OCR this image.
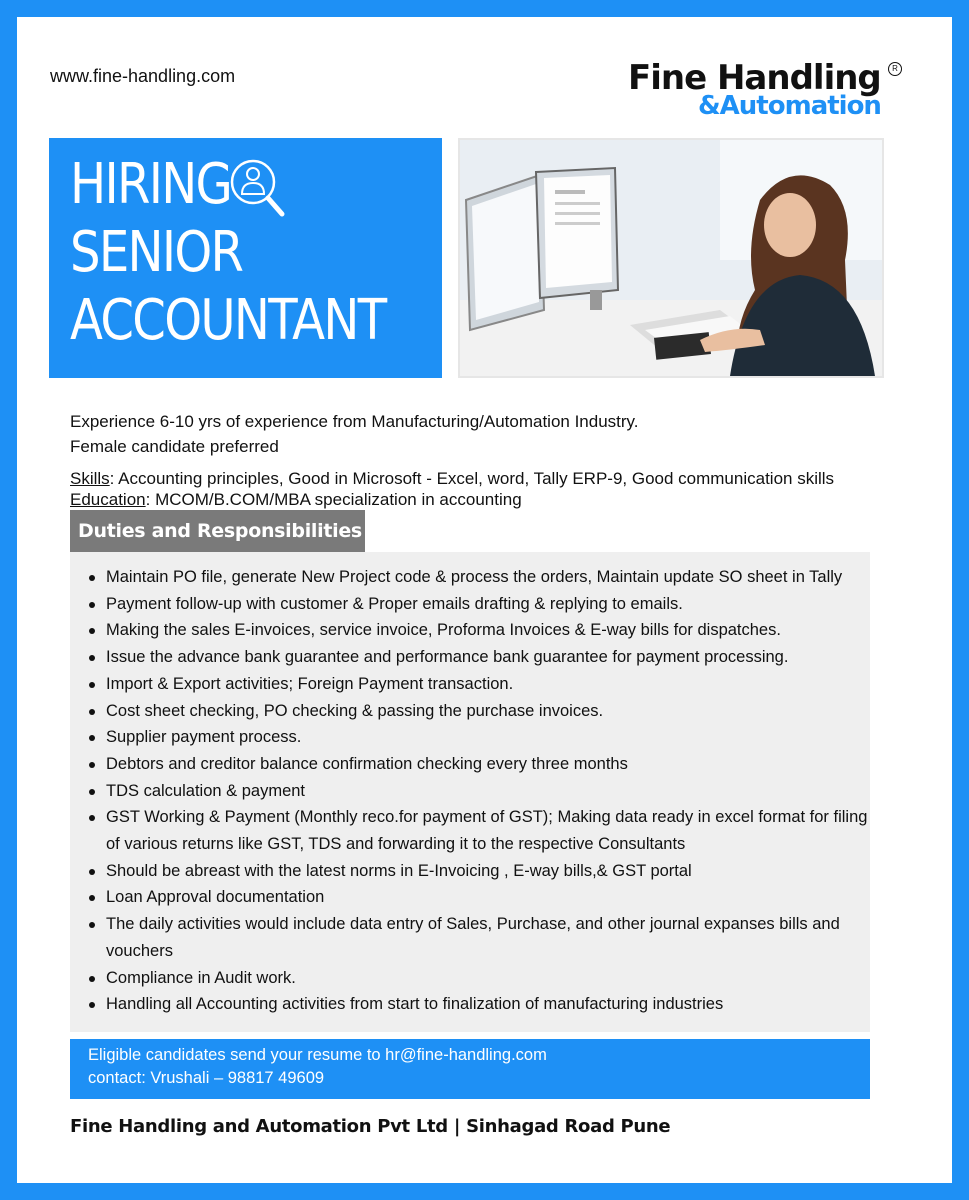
www.fine-handling.com	Fine Handling	R
&Automation
HIRING
SENIOR
ACCOUNTANT
Experience 6-10 yrs of experience from Manufacturing/Automation Industry.
Female candidate preferred
Skills: Accounting principles, Good in Microsoft - Excel, word, Tally ERP-9, Good communication skills
Education: MCOM/B.COM/MBA specialization in accounting
Duties and Responsibilities
Maintain PO file, generate New Project code & process the orders, Maintain update SO sheet in Tally
Payment follow-up with customer & Proper emails drafting & replying to emails.
Making the sales E-invoices, service invoice, Proforma Invoices & E-way bills for dispatches.
Issue the advance bank guarantee and performance bank guarantee for payment processing.
Import & Export activities; Foreign Payment transaction.
Cost sheet checking, PO checking & passing the purchase invoices.
Supplier payment process.
Debtors and creditor balance confirmation checking every three months
TDS calculation & payment
GST Working & Payment (Monthly reco.for payment of GST); Making data ready in excel format for filing of various returns like GST, TDS and forwarding it to the respective Consultants
Should be abreast with the latest norms in E-Invoicing , E-way bills,& GST portal
Loan Approval documentation
The daily activities would include data entry of Sales, Purchase, and other journal expanses bills and vouchers
Compliance in Audit work.
Handling all Accounting activities from start to finalization of manufacturing industries
Eligible candidates send your resume to hr@fine-handling.com
contact: Vrushali – 98817 49609
Fine Handling and Automation Pvt Ltd | Sinhagad Road Pune
